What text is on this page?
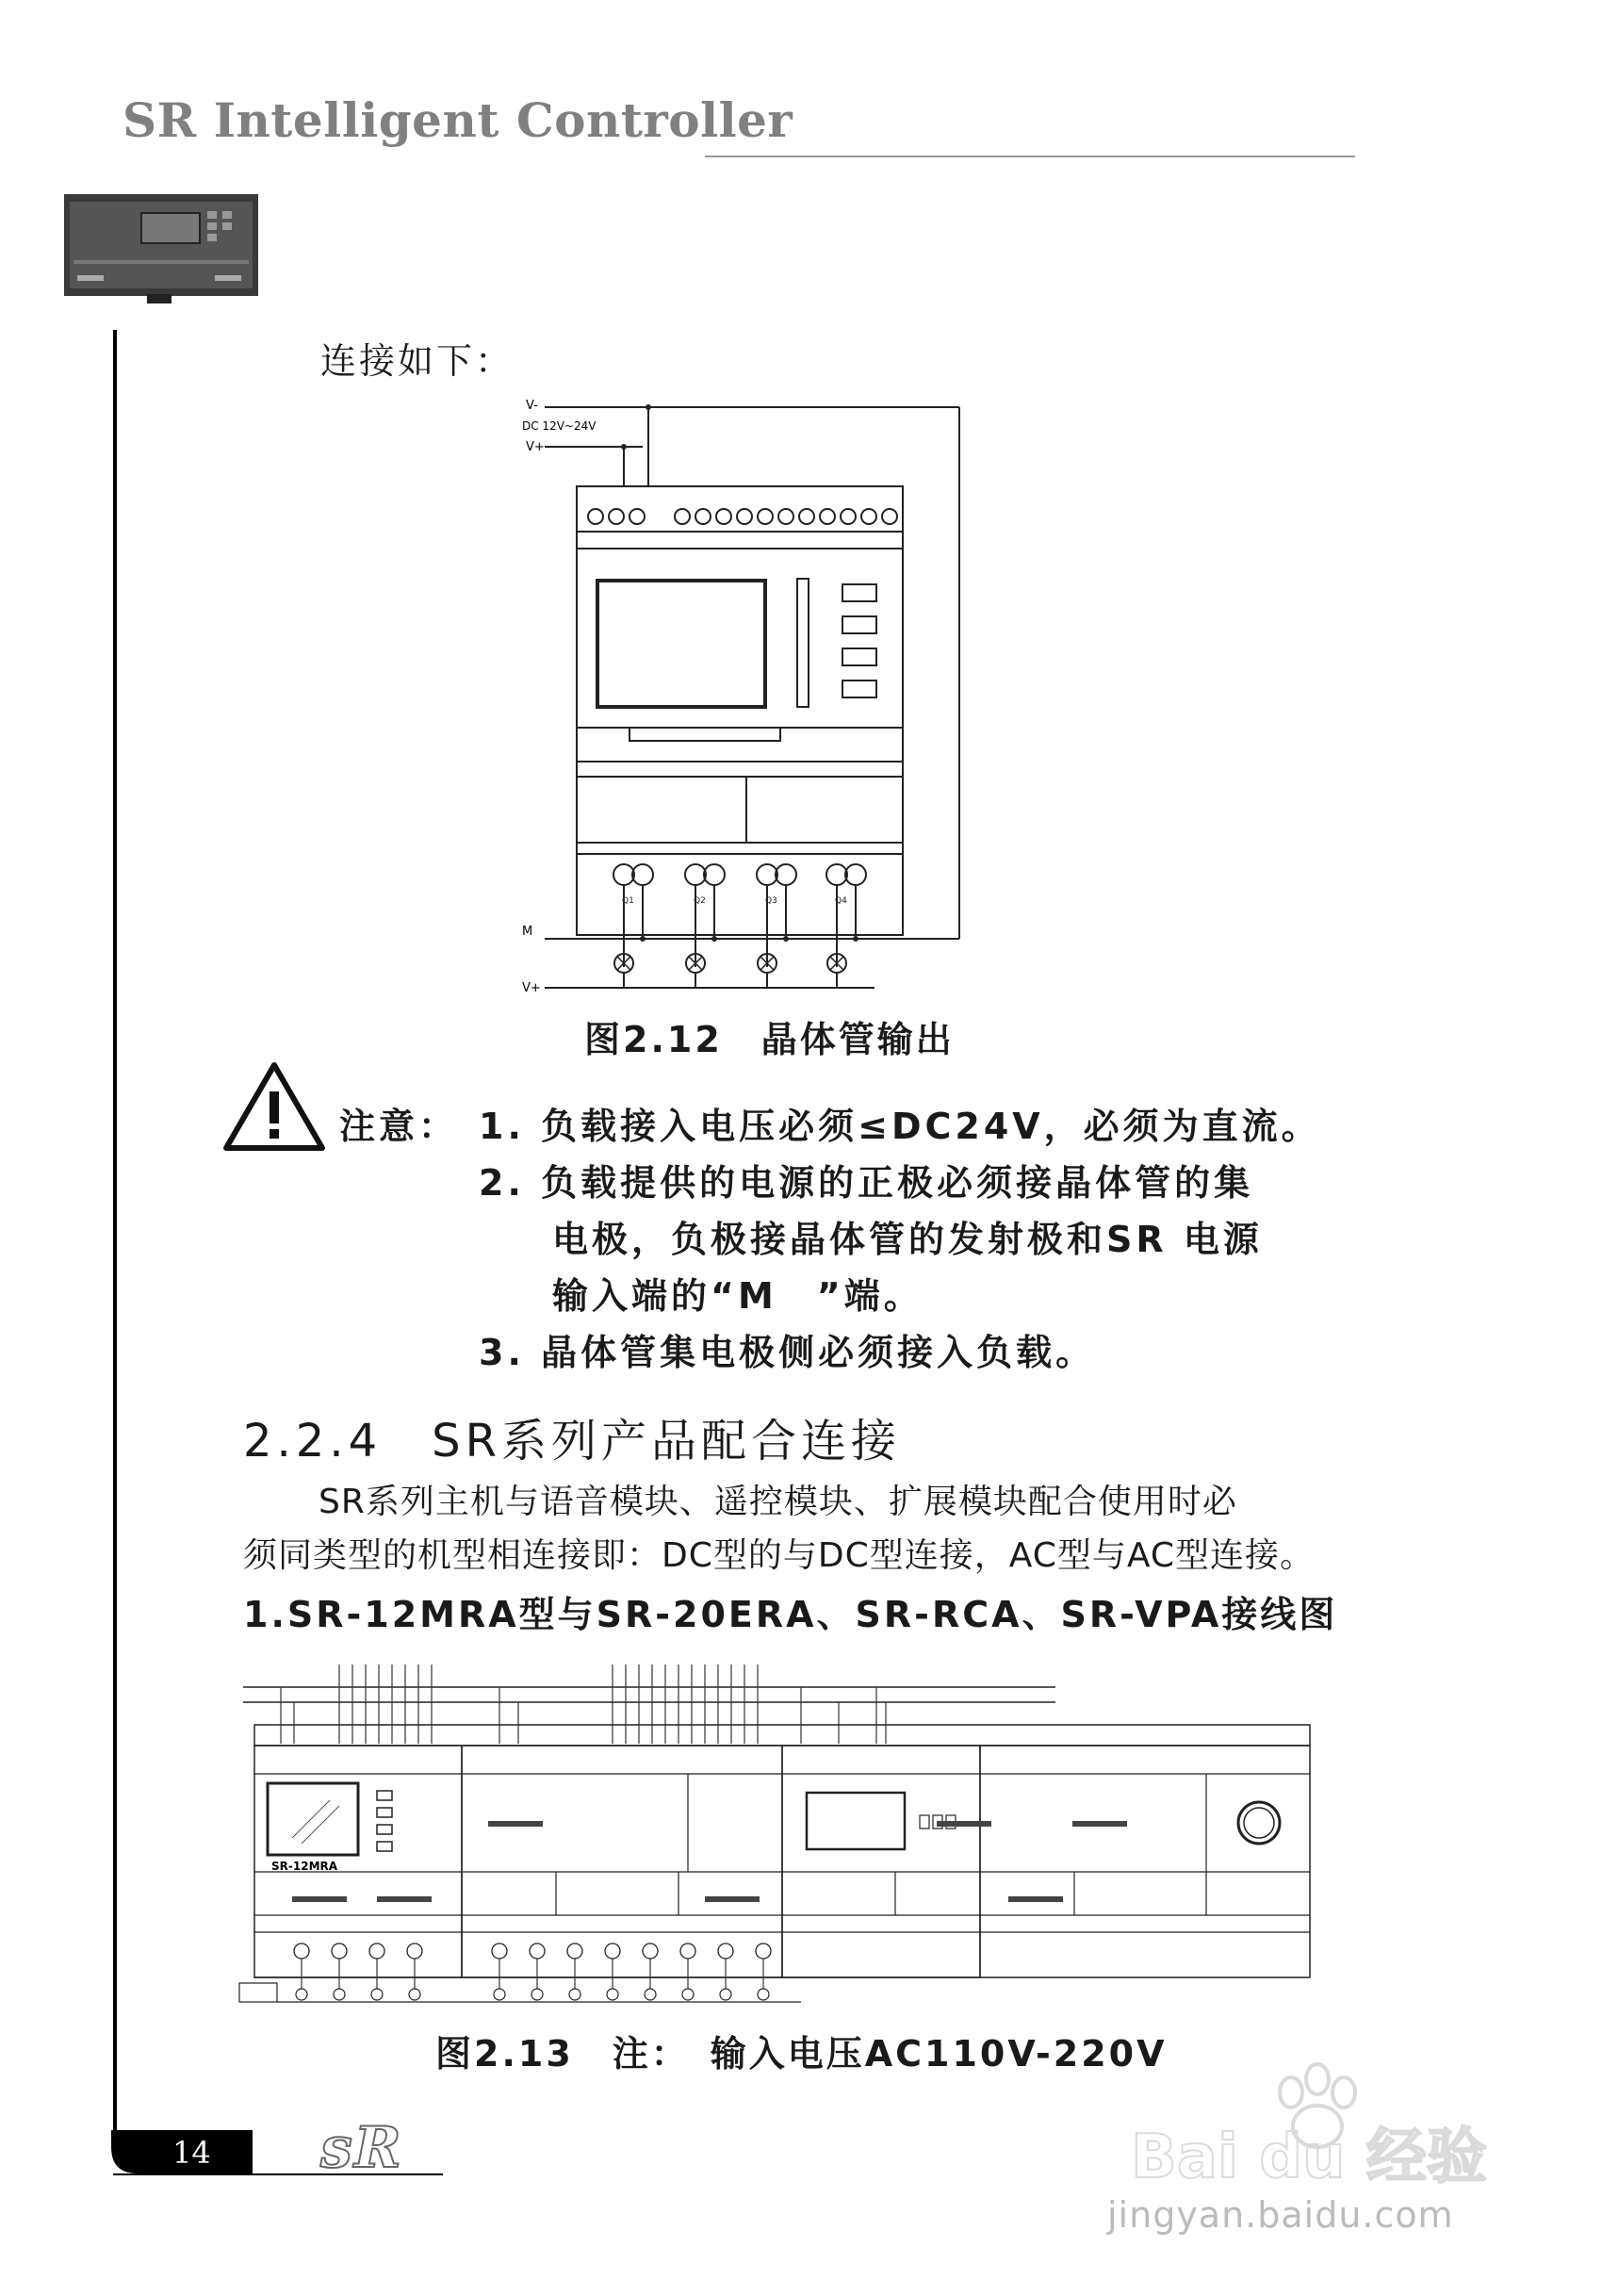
SR Intelligent Controller
连接如下：
V-
DC 12V~24V
V+
Q1	Q2	Q3	Q4
M
V+
图2.12　晶体管输出
注意： 1. 负载接入电压必须≤DC24V，必须为直流。
2. 负载提供的电源的正极必须接晶体管的集
电极，负极接晶体管的发射极和SR 电源
输入端的“M　”端。
3. 晶体管集电极侧必须接入负载。
2.2.4　SR系列产品配合连接
SR系列主机与语音模块、遥控模块、扩展模块配合使用时必
须同类型的机型相连接即：DC型的与DC型连接，AC型与AC型连接。
1.SR-12MRA型与SR-20ERA、SR-RCA、SR-VPA接线图
SR-12MRA
图2.13　注：　输入电压AC110V-220V
14 sR	Bai du 经验
jingyan.baidu.com
